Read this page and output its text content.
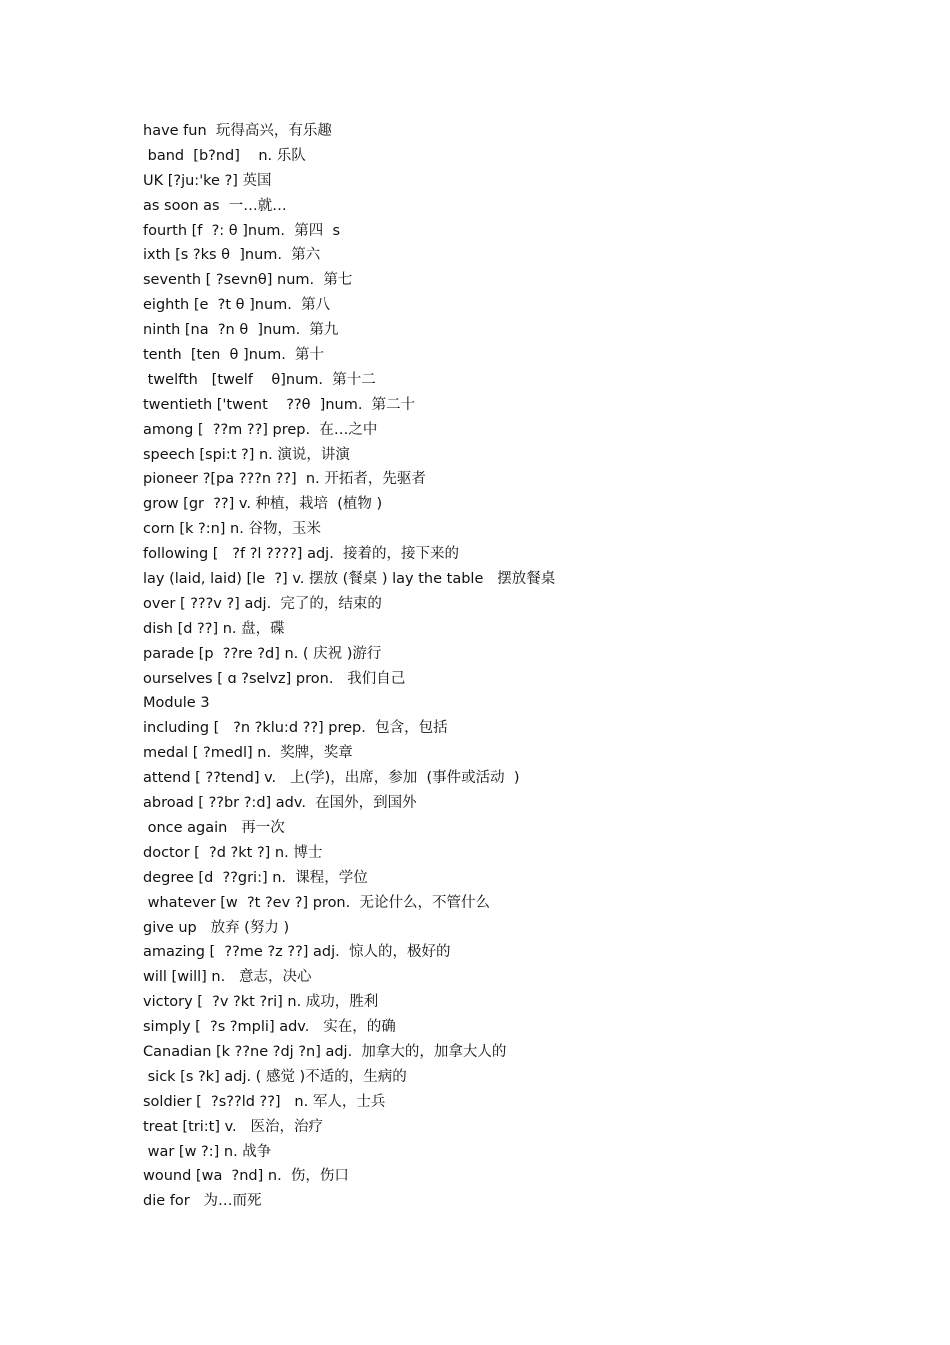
have fun  玩得高兴，有乐趣
band  [b?nd]    n. 乐队
UK [?ju:'ke ?] 英国
as soon as  一…就…
fourth [f  ?: θ ]num.  第四  s
ixth [s ?ks θ  ]num.  第六
seventh [ ?sevnθ] num.  第七
eighth [e  ?t θ ]num.  第八
ninth [na  ?n θ  ]num.  第九
tenth  [ten  θ ]num.  第十
twelfth   [twelf    θ]num.  第十二
twentieth ['twent    ??θ  ]num.  第二十
among [  ??m ??] prep.  在…之中
speech [spi:t ?] n. 演说，讲演
pioneer ?[pa ???n ??]  n. 开拓者，先驱者
grow [gr  ??] v. 种植，栽培  (植物 )
corn [k ?:n] n. 谷物，玉米
following [   ?f ?l ????] adj.  接着的，接下来的
lay (laid, laid) [le  ?] v. 摆放 (餐桌 ) lay the table   摆放餐桌
over [ ???v ?] adj.  完了的，结束的
dish [d ??] n. 盘，碟
parade [p  ??re ?d] n. ( 庆祝 )游行
ourselves [ ɑ ?selvz] pron.   我们自己
Module 3
including [   ?n ?klu:d ??] prep.  包含，包括
medal [ ?medl] n.  奖牌，奖章
attend [ ??tend] v.   上(学)，出席，参加  (事件或活动  )
abroad [ ??br ?:d] adv.  在国外，到国外
once again   再一次
doctor [  ?d ?kt ?] n. 博士
degree [d  ??gri:] n.  课程，学位
whatever [w  ?t ?ev ?] pron.  无论什么，不管什么
give up   放弃 (努力 )
amazing [  ??me ?z ??] adj.  惊人的，极好的
will [will] n.   意志，决心
victory [  ?v ?kt ?ri] n. 成功，胜利
simply [  ?s ?mpli] adv.   实在，的确
Canadian [k ??ne ?dj ?n] adj.  加拿大的，加拿大人的
sick [s ?k] adj. ( 感觉 )不适的，生病的
soldier [  ?s??ld ??]   n. 军人，士兵
treat [tri:t] v.   医治，治疗
war [w ?:] n. 战争
wound [wa  ?nd] n.  伤，伤口
die for   为…而死
